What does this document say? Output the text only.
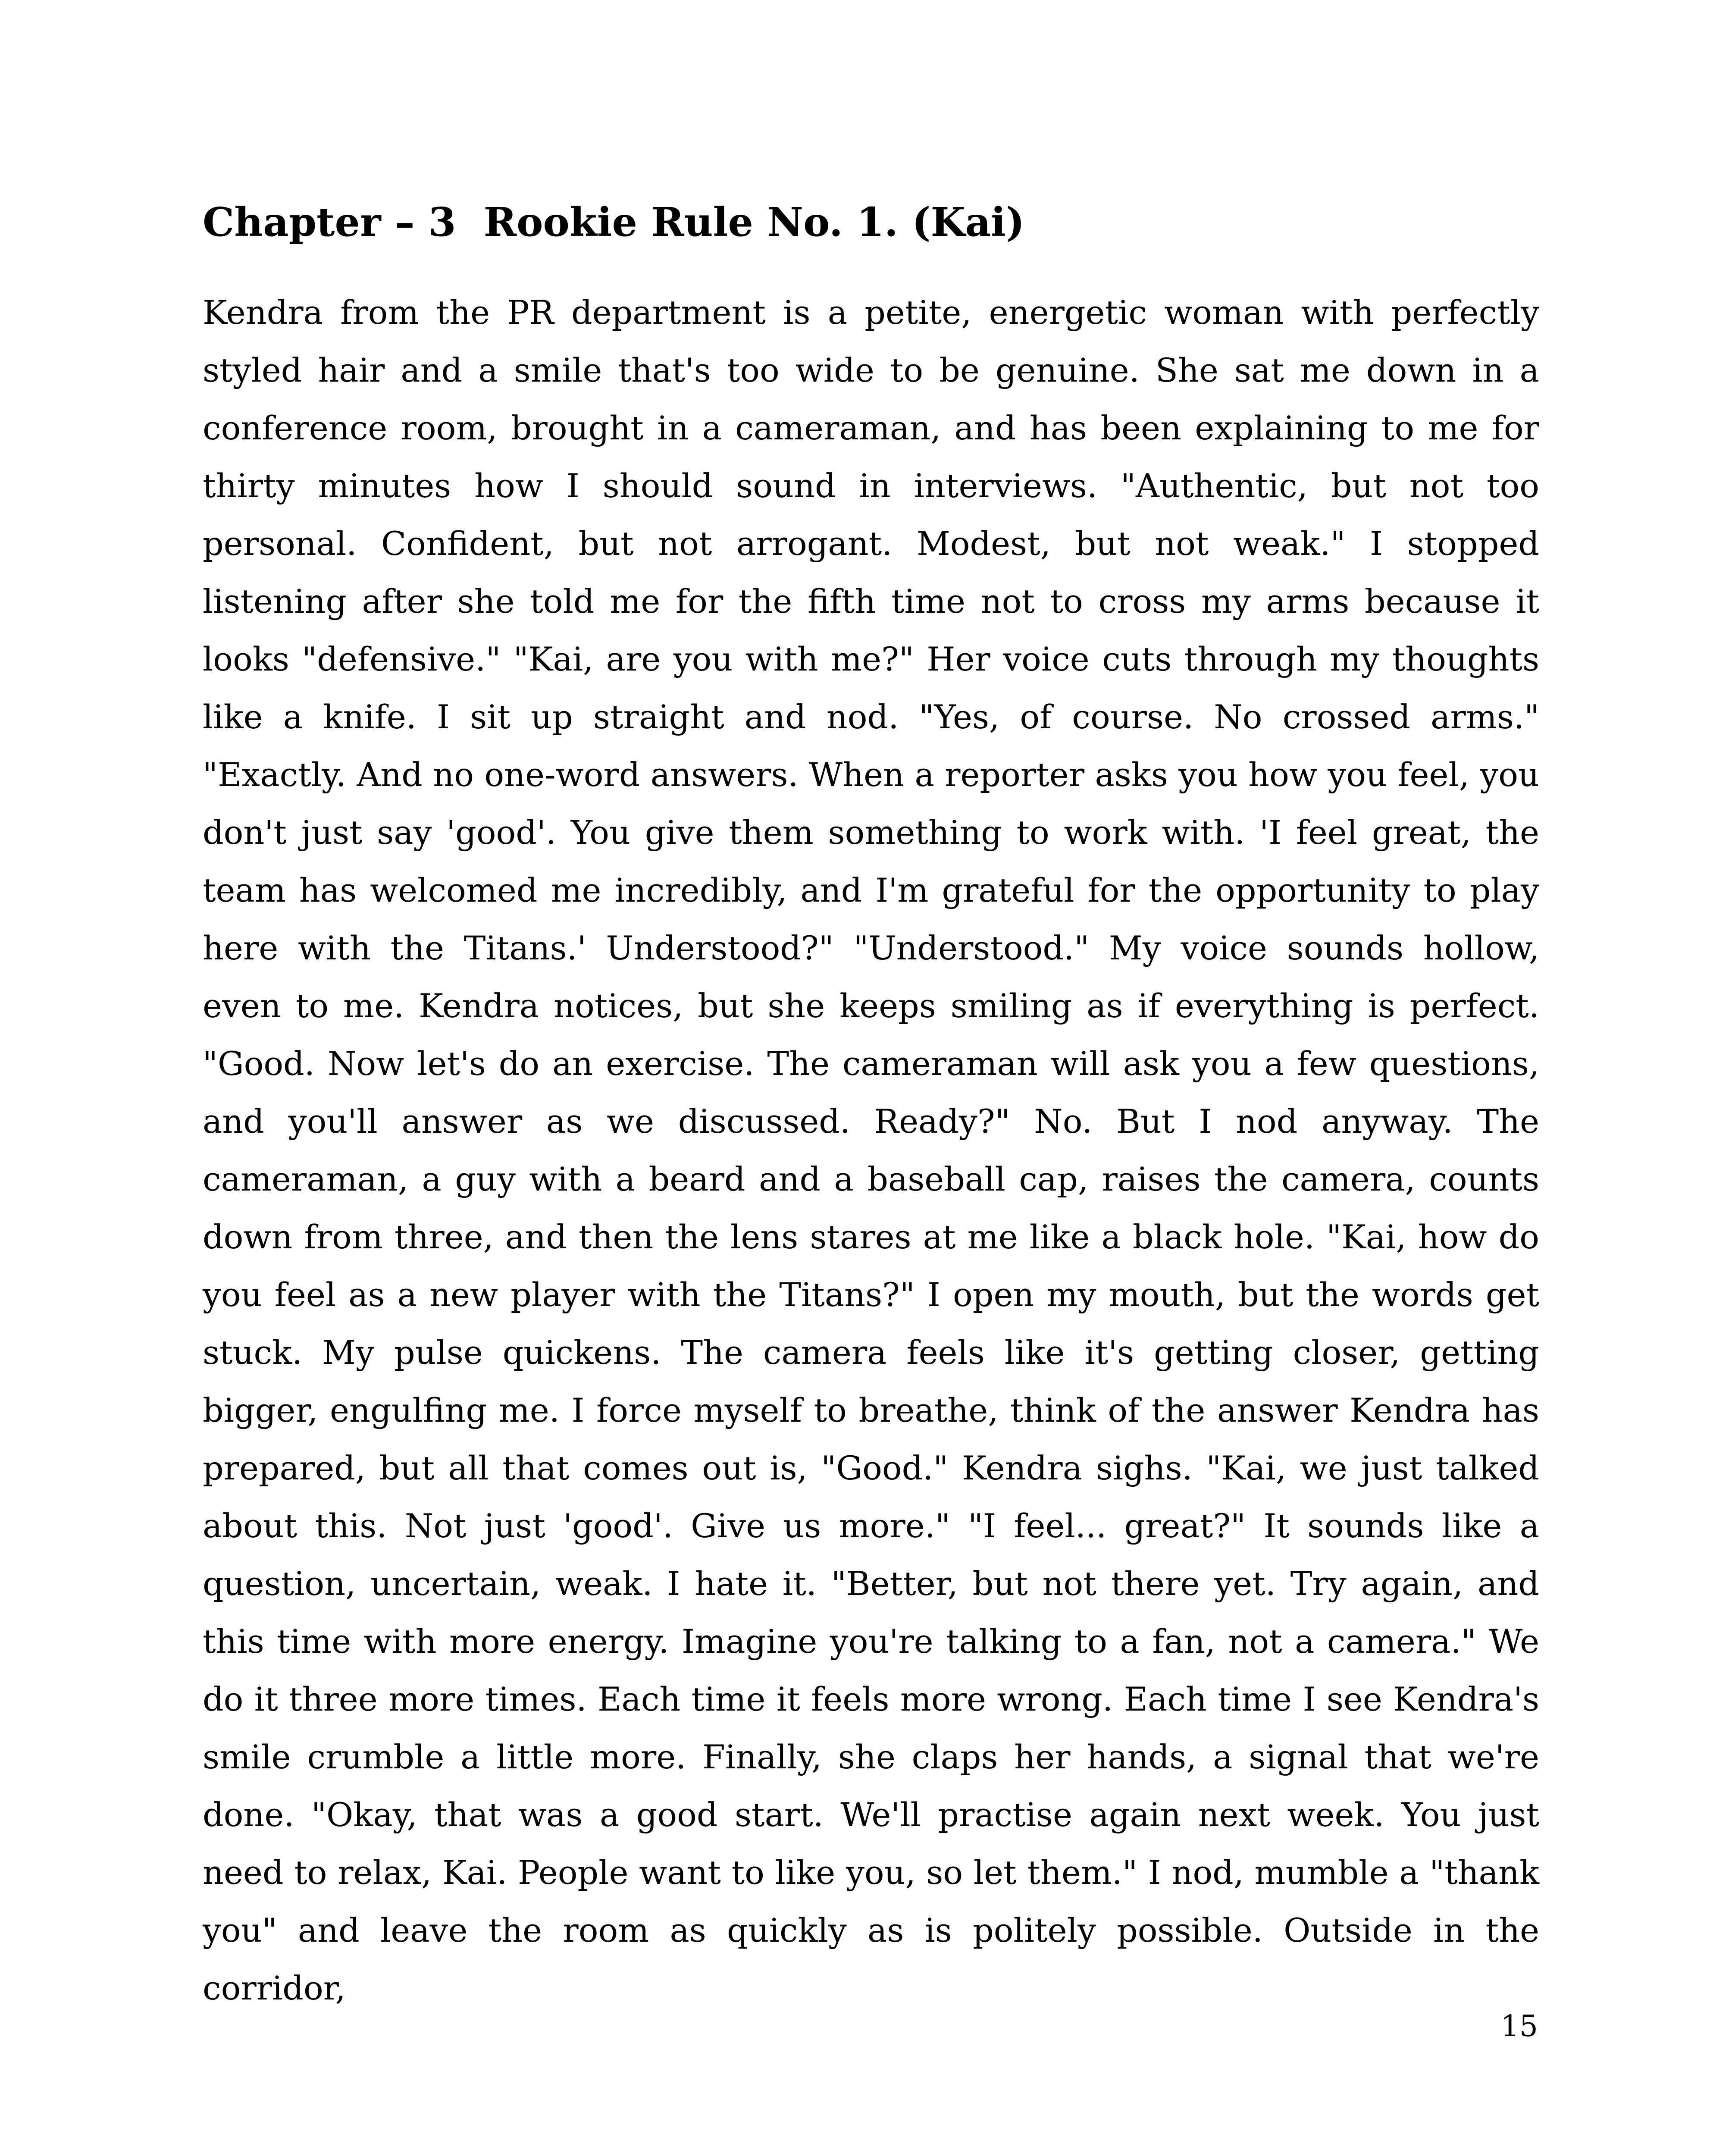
Chapter – 3  Rookie Rule No. 1. (Kai)

Kendra from the PR department is a petite, energetic woman with perfectly styled hair and a smile that's too wide to be genuine. She sat me down in a conference room, brought in a cameraman, and has been explaining to me for thirty minutes how I should sound in interviews. "Authentic, but not too personal. Confident, but not arrogant. Modest, but not weak." I stopped listening after she told me for the fifth time not to cross my arms because it looks "defensive." "Kai, are you with me?" Her voice cuts through my thoughts like a knife. I sit up straight and nod. "Yes, of course. No crossed arms." "Exactly. And no one-word answers. When a reporter asks you how you feel, you don't just say 'good'. You give them something to work with. 'I feel great, the team has welcomed me incredibly, and I'm grateful for the opportunity to play here with the Titans.' Understood?" "Understood." My voice sounds hollow, even to me. Kendra notices, but she keeps smiling as if everything is perfect. "Good. Now let's do an exercise. The cameraman will ask you a few questions, and you'll answer as we discussed. Ready?" No. But I nod anyway. The cameraman, a guy with a beard and a baseball cap, raises the camera, counts down from three, and then the lens stares at me like a black hole. "Kai, how do you feel as a new player with the Titans?" I open my mouth, but the words get stuck. My pulse quickens. The camera feels like it's getting closer, getting bigger, engulfing me. I force myself to breathe, think of the answer Kendra has prepared, but all that comes out is, "Good." Kendra sighs. "Kai, we just talked about this. Not just 'good'. Give us more." "I feel... great?" It sounds like a question, uncertain, weak. I hate it. "Better, but not there yet. Try again, and this time with more energy. Imagine you're talking to a fan, not a camera." We do it three more times. Each time it feels more wrong. Each time I see Kendra's smile crumble a little more. Finally, she claps her hands, a signal that we're done. "Okay, that was a good start. We'll practise again next week. You just need to relax, Kai. People want to like you, so let them." I nod, mumble a "thank you" and leave the room as quickly as is politely possible. Outside in the corridor,

15
